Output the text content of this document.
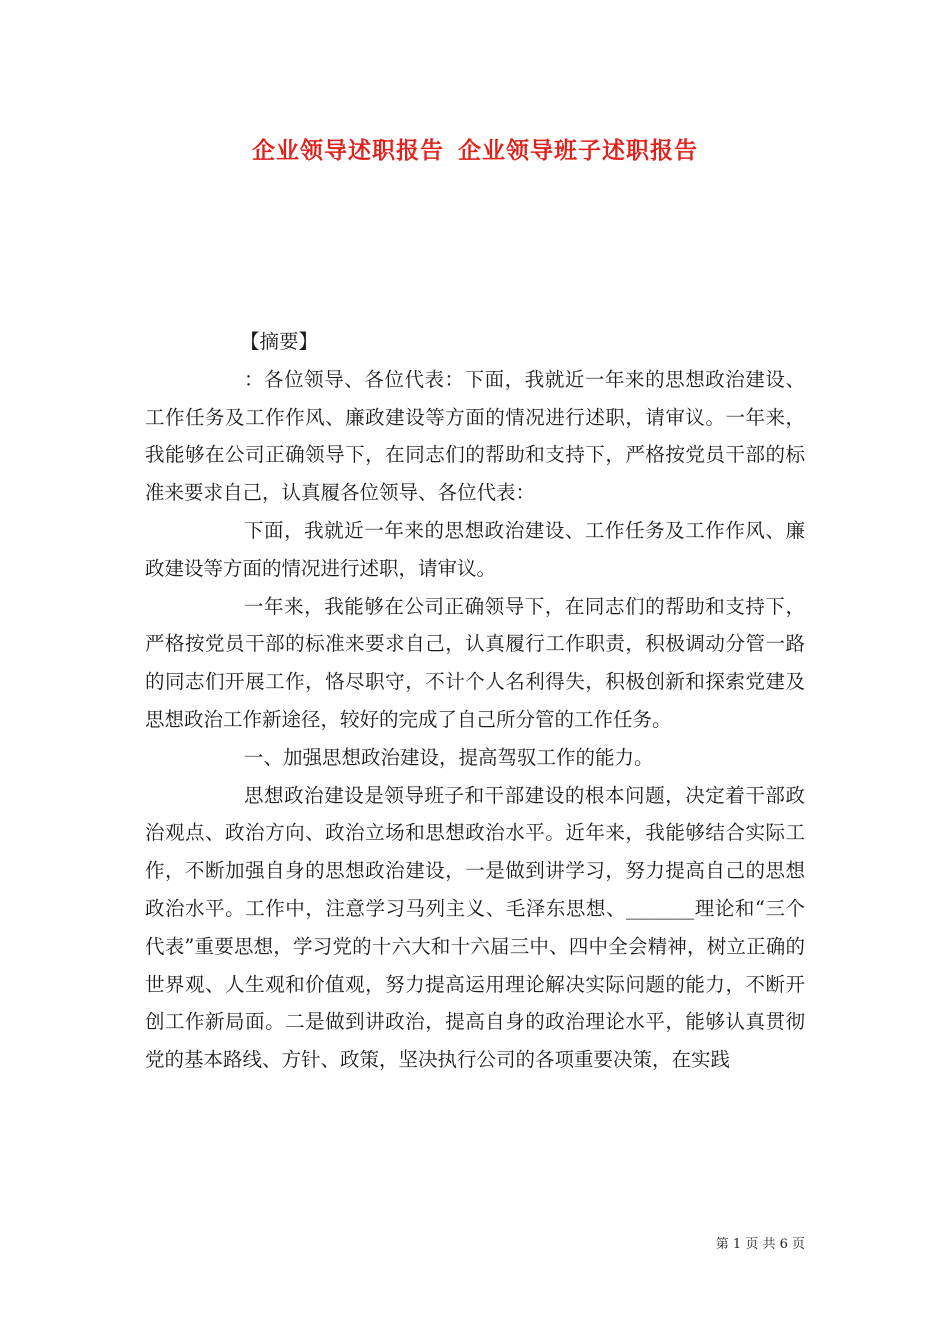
企业领导述职报告 企业领导班子述职报告

【摘要】

：各位领导、各位代表：下面，我就近一年来的思想政治建设、工作任务及工作作风、廉政建设等方面的情况进行述职，请审议。一年来，我能够在公司正确领导下，在同志们的帮助和支持下，严格按党员干部的标准来要求自己，认真履各位领导、各位代表：

下面，我就近一年来的思想政治建设、工作任务及工作作风、廉政建设等方面的情况进行述职，请审议。

一年来，我能够在公司正确领导下，在同志们的帮助和支持下，严格按党员干部的标准来要求自己，认真履行工作职责，积极调动分管一路的同志们开展工作，恪尽职守，不计个人名利得失，积极创新和探索党建及思想政治工作新途径，较好的完成了自己所分管的工作任务。

一、加强思想政治建设，提高驾驭工作的能力。

思想政治建设是领导班子和干部建设的根本问题，决定着干部政治观点、政治方向、政治立场和思想政治水平。近年来，我能够结合实际工作，不断加强自身的思想政治建设，一是做到讲学习，努力提高自己的思想政治水平。工作中，注意学习马列主义、毛泽东思想、_______理论和“三个代表”重要思想，学习党的十六大和十六届三中、四中全会精神，树立正确的世界观、人生观和价值观，努力提高运用理论解决实际问题的能力，不断开创工作新局面。二是做到讲政治，提高自身的政治理论水平，能够认真贯彻党的基本路线、方针、政策，坚决执行公司的各项重要决策，在实践

第 1 页 共 6 页
